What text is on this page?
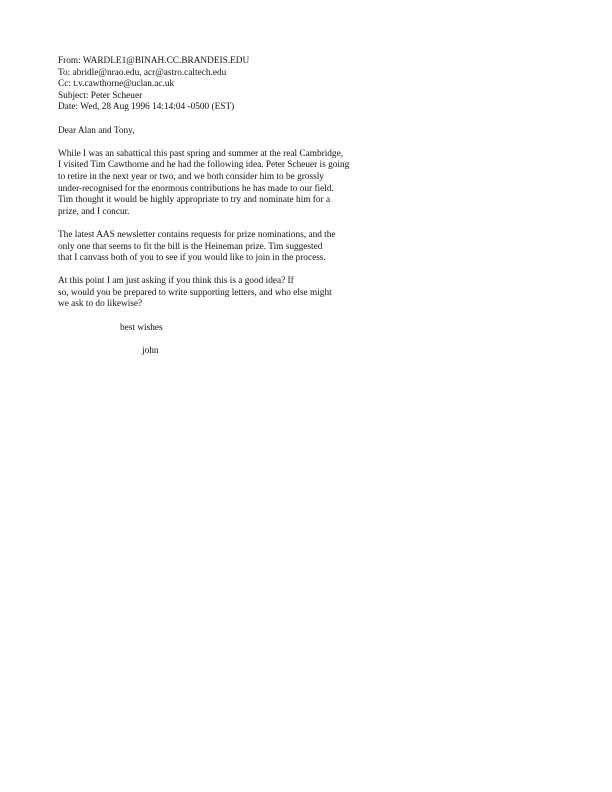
From: WARDLE1@BINAH.CC.BRANDEIS.EDU
To: abridle@nrao.edu, acr@astro.caltech.edu
Cc: t.v.cawthorne@uclan.ac.uk
Subject: Peter Scheuer
Date: Wed, 28 Aug 1996 14:14:04 -0500 (EST)
Dear Alan and Tony,
While I was an sabattical this past spring and summer at the real Cambridge,
I visited Tim Cawthorne and he had the following idea. Peter Scheuer is going
to retire in the next year or two, and we both consider him to be grossly
under-recognised for the enormous contributions he has made to our field.
Tim thought it would be highly appropriate to try and nominate him for a
prize, and I concur.
The latest AAS newsletter contains requests for prize nominations, and the
only one that seems to fit the bill is the Heineman prize. Tim suggested
that I canvass both of you to see if you would like to join in the process.
At this point I am just asking if you think this is a good idea? If
so, would you be prepared to write supporting letters, and who else might
we ask to do likewise?
best wishes
john
